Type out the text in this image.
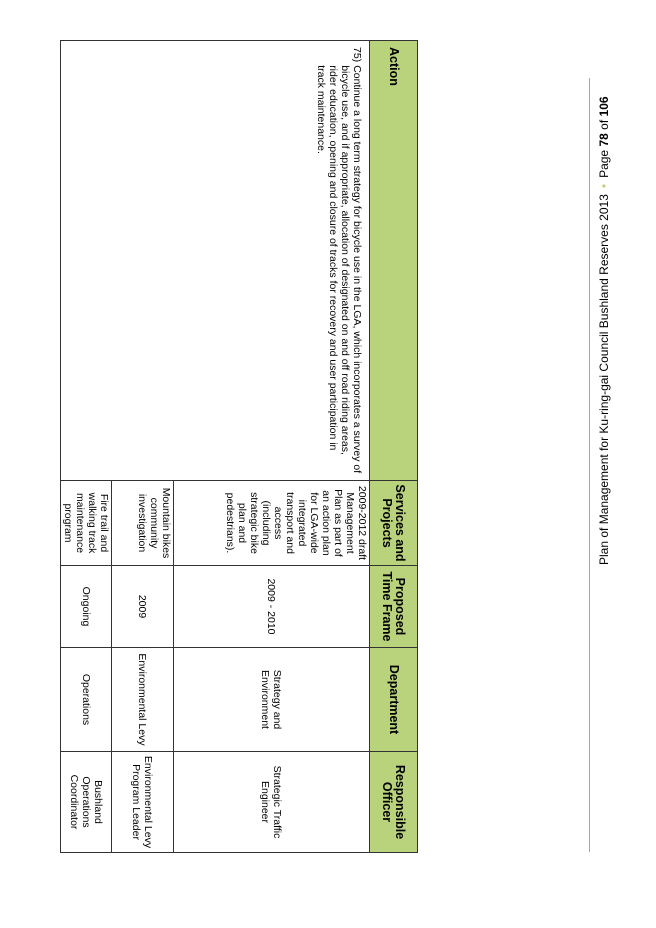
Action	Services and Projects	Proposed Time Frame	Department	Responsible Officer

75)
Continue a long term strategy for bicycle use in the LGA, which incorporates a survey of bicycle use, and if appropriate, allocation of designated on and off road riding areas, rider education, opening and closure of tracks for recovery and user participation in track maintenance.	2009-2012 draft Management Plan as part of an action plan for LGA-wide integrated transport and access (including strategic bike plan and pedestrians).	2009 - 2010	Strategy and Environment	Strategic Traffic Engineer
	Mountain bikes community investigation	2009	Environmental Levy	Environmental Levy Program Leader
	Fire trail and walking track maintenance program	Ongoing	Operations	Bushland Operations Coordinator
Plan of Management for Ku-ring-gai Council Bushland Reserves 2013•Page 78 of 106
